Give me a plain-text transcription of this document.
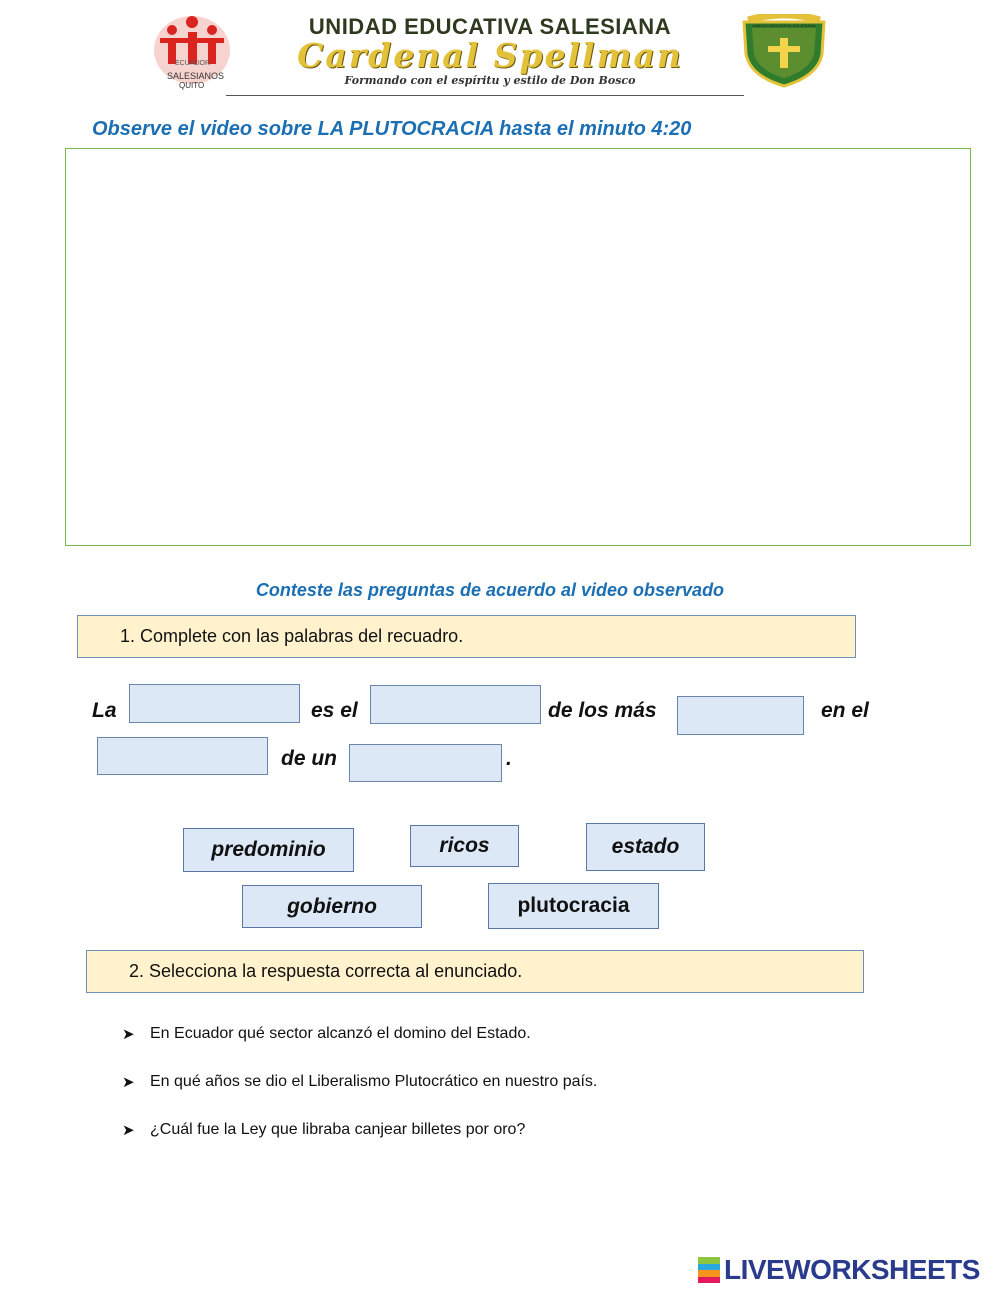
ECUADOR
SALESIANOS
QUITO
UNIDAD EDUCATIVA SALESIANA
Cardenal Spellman
Formando con el espíritu y estilo de Don Bosco
UNIDAD EDUCATIVA SALESIANA
Observe el video sobre LA PLUTOCRACIA hasta el minuto 4:20
Conteste las preguntas de acuerdo al video observado
1. Complete con las palabras del recuadro.
La	es el	de los más	en el
de un	.
predominio	ricos	estado
gobierno	plutocracia
2. Selecciona la respuesta correcta al enunciado.
➤ En Ecuador qué sector alcanzó el domino del Estado.
➤ En qué años se dio el Liberalismo Plutocrático en nuestro país.
➤ ¿Cuál fue la Ley que libraba canjear billetes por oro?
LIVEWORKSHEETS
